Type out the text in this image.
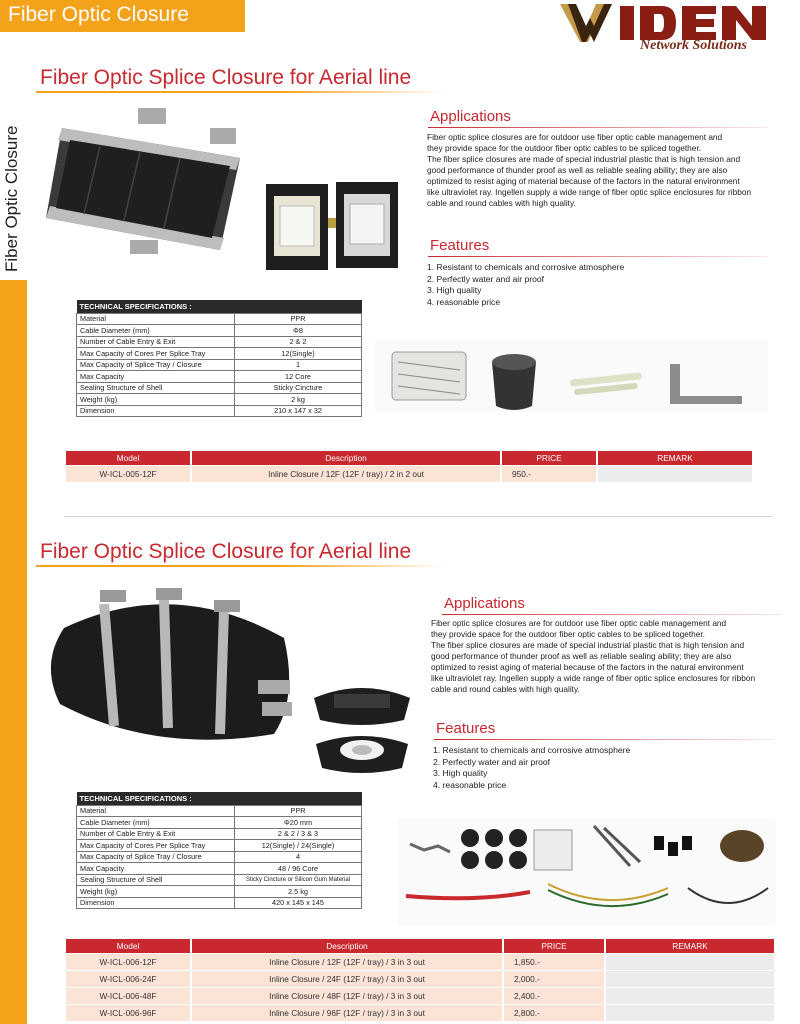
Fiber Optic Closure
Network Solutions
Fiber Optic Closure
Fiber Optic Splice Closure for Aerial line
Applications
Fiber optic splice closures are for outdoor use fiber optic cable management and
they provide space for the outdoor fiber optic cables to be spliced together.
The fiber splice closures are made of special industrial plastic that is high tension and
good performance of thunder proof as well as reliable sealing ability; they are also
optimized to resist aging of material because of the factors in the natural environment
like ultraviolet ray. Ingellen supply a wide range of fiber optic splice enclosures for ribbon
cable and round cables with high quality.
Features
1. Resistant to chemicals and corrosive atmosphere
2. Perfectly water and air proof
3. High quality
4. reasonable price
TECHNICAL SPECIFICATIONS :	
Material	PPR
Cable Diameter (mm)	Φ8
Number of Cable Entry & Exit	2 & 2
Max Capacity of Cores Per Splice Tray	12(Single)
Max Capacity of Splice Tray / Closure	1
Max Capacity	12 Core
Sealing Structure of Shell	Sticky Cincture
Weight (kg)	2 kg
Dimension	210 x 147 x 32
Model	Description	PRICE	REMARK
W-ICL-005-12F	Inline Closure / 12F (12F / tray) / 2 in 2 out	950.-	
Fiber Optic Splice Closure for Aerial line
Applications
Fiber optic splice closures are for outdoor use fiber optic cable management and
they provide space for the outdoor fiber optic cables to be spliced together.
The fiber splice closures are made of special industrial plastic that is high tension and
good performance of thunder proof as well as reliable sealing ability; they are also
optimized to resist aging of material because of the factors in the natural environment
like ultraviolet ray. Ingellen supply a wide range of fiber optic splice enclosures for ribbon
cable and round cables with high quality.
Features
1. Resistant to chemicals and corrosive atmosphere
2. Perfectly water and air proof
3. High quality
4. reasonable price
TECHNICAL SPECIFICATIONS :	
Material	PPR
Cable Diameter (mm)	Φ20 mm
Number of Cable Entry & Exit	2 & 2 / 3 & 3
Max Capacity of Cores Per Splice Tray	12(Single) / 24(Single)
Max Capacity of Splice Tray / Closure	4
Max Capacity	48 / 96 Core
Sealing Structure of Shell	Sticky Cincture or Silicon Gum Material
Weight (kg)	2.5 kg
Dimension	420 x 145 x 145
Model	Description	PRICE	REMARK
W-ICL-006-12F	Inline Closure / 12F (12F / tray) / 3 in 3 out	1,850.-	
W-ICL-006-24F	Inline Closure / 24F (12F / tray) / 3 in 3 out	2,000.-	
W-ICL-006-48F	Inline Closure / 48F (12F / tray) / 3 in 3 out	2,400.-	
W-ICL-006-96F	Inline Closure / 96F (12F / tray) / 3 in 3 out	2,800.-	
